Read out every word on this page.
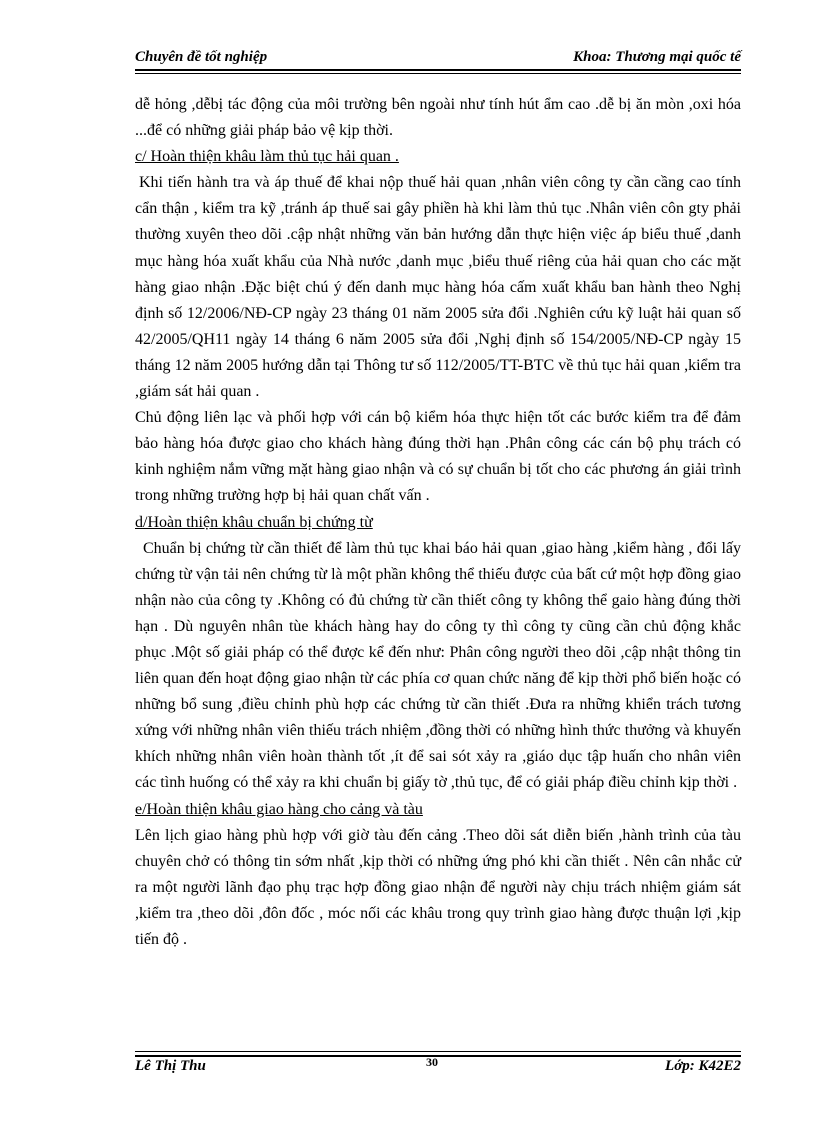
Chuyên đề tốt nghiệp	Khoa: Thương mại quốc tế

dễ hỏng ,dễbị tác động của môi trường bên ngoài như tính hút ẩm cao .dễ bị ăn mòn ,oxi hóa ...để có những giải pháp bảo vệ kịp thời.

c/ Hoàn thiện khâu làm thủ tục hải quan .

Khi tiến hành tra và áp thuế để khai nộp thuế hải quan ,nhân viên công ty cần cầng cao tính cẩn thận , kiểm tra kỹ ,tránh áp thuế sai gây phiền hà khi làm thủ tục .Nhân viên côn gty phải thường xuyên theo dõi .cập nhật những văn bản hướng dẫn thực hiện việc áp biểu thuế ,danh mục hàng hóa xuất khẩu của Nhà nước ,danh mục ,biểu thuế riêng của hải quan cho các mặt hàng giao nhận .Đặc biệt chú ý đến danh mục hàng hóa cấm xuất khẩu ban hành theo Nghị định số 12/2006/NĐ-CP ngày 23 tháng 01 năm 2005 sửa đổi .Nghiên cứu kỹ luật hải quan số 42/2005/QH11 ngày 14 tháng 6 năm 2005 sửa đổi ,Nghị định số 154/2005/NĐ-CP ngày 15 tháng 12 năm 2005 hướng dẫn tại Thông tư số 112/2005/TT-BTC về thủ tục hải quan ,kiểm tra ,giám sát hải quan .

Chủ động liên lạc và phối hợp với cán bộ kiểm hóa thực hiện tốt các bước kiểm tra để đảm bảo hàng hóa được giao cho khách hàng đúng thời hạn .Phân công các cán bộ phụ trách có kinh nghiệm nắm vững mặt hàng giao nhận và có sự chuẩn bị tốt cho các phương án giải trình trong những trường hợp bị hải quan chất vấn .

d/Hoàn thiện khâu chuẩn bị chứng từ

Chuẩn bị chứng từ cần thiết để làm thủ tục khai báo hải quan ,giao hàng ,kiểm hàng , đổi lấy chứng từ vận tải nên chứng từ là một phần không thể thiếu được của bất cứ một hợp đồng giao nhận nào của công ty .Không có đủ chứng từ cần thiết công ty không thể gaio hàng đúng thời hạn . Dù nguyên nhân tùe khách hàng hay do công ty thì công ty cũng cần chủ động khắc phục .Một số giải pháp có thể được kể đến như: Phân công người theo dõi ,cập nhật thông tin liên quan đến hoạt động giao nhận từ các phía cơ quan chức năng để kịp thời phổ biến hoặc có những bổ sung ,điều chỉnh phù hợp các chứng từ cần thiết .Đưa ra những khiển trách tương xứng với những nhân viên thiếu trách nhiệm ,đồng thời có những hình thức thưởng và khuyến khích những nhân viên hoàn thành tốt ,ít để sai sót xảy ra ,giáo dục tập huấn cho nhân viên các tình huống có thể xảy ra khi chuẩn bị giấy tờ ,thủ tục, để có giải pháp điều chỉnh kịp thời .

e/Hoàn thiện khâu giao hàng cho cảng và tàu

Lên lịch giao hàng phù hợp với giờ tàu đến cảng .Theo dõi sát diễn biến ,hành trình của tàu chuyên chở có thông tin sớm nhất ,kịp thời có những ứng phó khi cần thiết . Nên cân nhắc cử ra một người lãnh đạo phụ trạc hợp đồng giao nhận để người này chịu trách nhiệm giám sát ,kiểm tra ,theo dõi ,đôn đốc , móc nối các khâu trong quy trình giao hàng được thuận lợi ,kịp tiến độ .

Lê Thị Thu	30	Lớp: K42E2
